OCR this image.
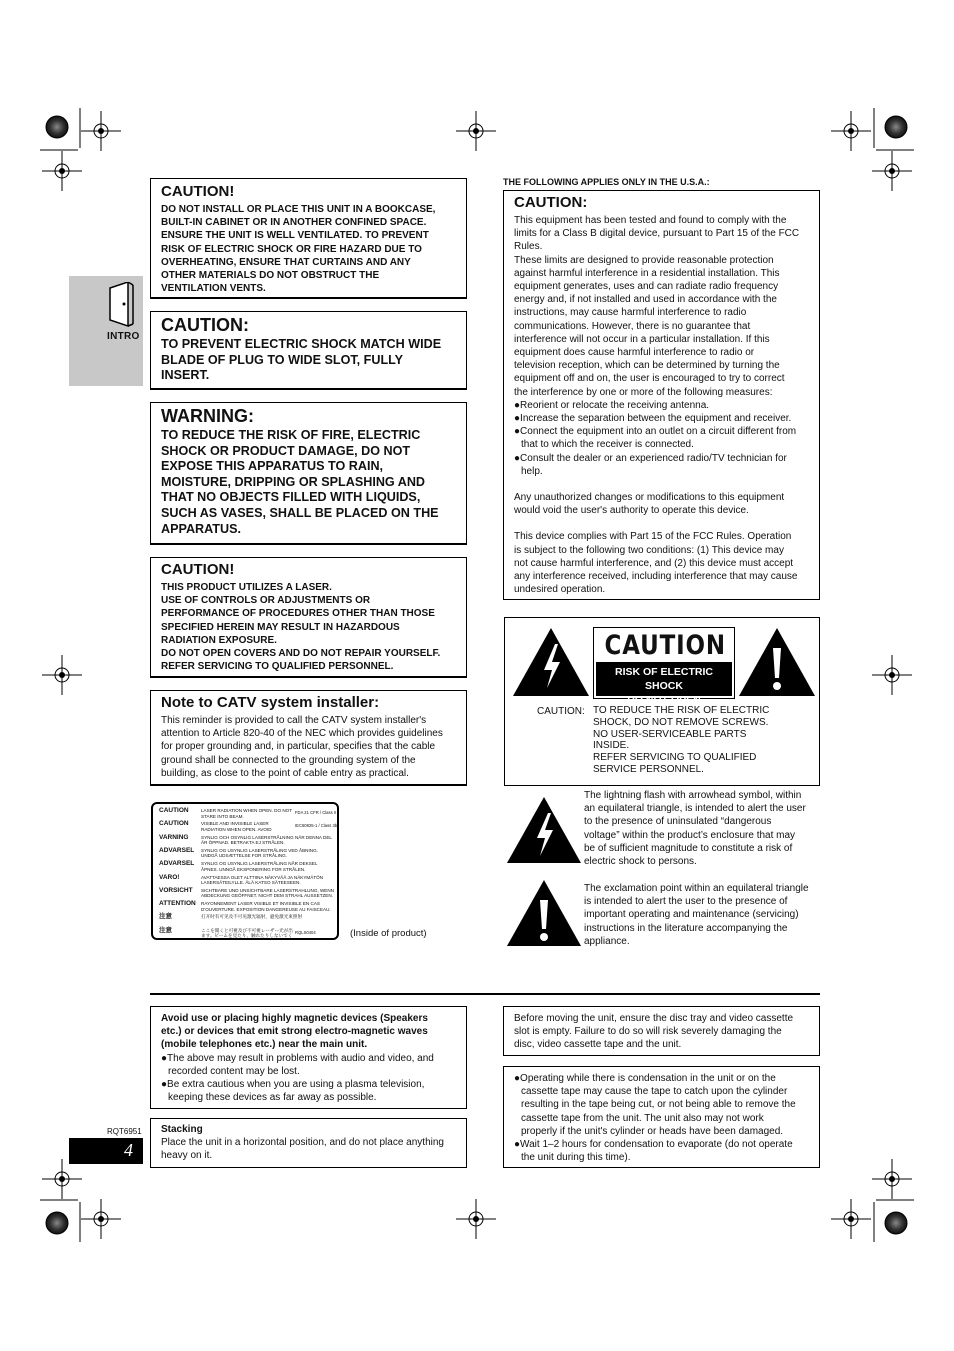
INTRO
CAUTION!
DO NOT INSTALL OR PLACE THIS UNIT IN A BOOKCASE,
BUILT-IN CABINET OR IN ANOTHER CONFINED SPACE.
ENSURE THE UNIT IS WELL VENTILATED. TO PREVENT
RISK OF ELECTRIC SHOCK OR FIRE HAZARD DUE TO
OVERHEATING, ENSURE THAT CURTAINS AND ANY
OTHER MATERIALS DO NOT OBSTRUCT THE
VENTILATION VENTS.
CAUTION:
TO PREVENT ELECTRIC SHOCK MATCH WIDE
BLADE OF PLUG TO WIDE SLOT, FULLY
INSERT.
WARNING:
TO REDUCE THE RISK OF FIRE, ELECTRIC
SHOCK OR PRODUCT DAMAGE, DO NOT
EXPOSE THIS APPARATUS TO RAIN,
MOISTURE, DRIPPING OR SPLASHING AND
THAT NO OBJECTS FILLED WITH LIQUIDS,
SUCH AS VASES, SHALL BE PLACED ON THE
APPARATUS.
CAUTION!
THIS PRODUCT UTILIZES A LASER.
USE OF CONTROLS OR ADJUSTMENTS OR
PERFORMANCE OF PROCEDURES OTHER THAN THOSE
SPECIFIED HEREIN MAY RESULT IN HAZARDOUS
RADIATION EXPOSURE.
DO NOT OPEN COVERS AND DO NOT REPAIR YOURSELF.
REFER SERVICING TO QUALIFIED PERSONNEL.
Note to CATV system installer:
This reminder is provided to call the CATV system installer's
attention to Article 820-40 of the NEC which provides guidelines
for proper grounding and, in particular, specifies that the cable
ground shall be connected to the grounding system of the
building, as close to the point of cable entry as practical.
CAUTION	LASER RADIATION WHEN OPEN. DO NOT STARE INTO BEAM.
FDA 21 CFR / Class II
CAUTION	VISIBLE AND INVISIBLE LASER RADIATION WHEN OPEN. AVOID
IEC60825-1 / Class 3b
VARNING	SYNLIG OCH OSYNLIG LASERSTRÅLNING NÄR DENNA DEL ÄR ÖPPNAD. BETRAKTA EJ STRÅLEN.
ADVARSEL	SYNLIG OG USYNLIG LASERSTRÅLING VED ÅBNING. UNDGÅ UDSÆTTELSE FOR STRÅLING.
ADVARSEL	SYNLIG OG USYNLIG LASERSTRÅLING NÅR DEKSEL ÅPNES. UNNGÅ EKSPONERING FOR STRÅLEN.
VARO!	AVATTAESSA OLET ALTTIINA NÄKYVÄÄ JA NÄKYMÄTÖN LASERSÄTEILYLLE. ÄLÄ KATSO SÄTEESEEN.
VORSICHT	SICHTBARE UND UNSICHTBARE LASERSTRAHLUNG, WENN ABDECKUNG GEÖFFNET. NICHT DEM STRAHL AUSSETZEN.
ATTENTION	RAYONNEMENT LASER VISIBLE ET INVISIBLE EN CAS D'OUVERTURE. EXPOSITION DANGEREUSE AU FAISCEAU.
注意	打开时有可见及不可见激光辐射，避免激光束照射
注意	ここを開くと可視及び不可視レーザー光が出ます。ビームを見たり、触れたりしないでく
RQLS0404	(Inside of product)
THE FOLLOWING APPLIES ONLY IN THE U.S.A.:
CAUTION:
This equipment has been tested and found to comply with the
limits for a Class B digital device, pursuant to Part 15 of the FCC
Rules.
These limits are designed to provide reasonable protection
against harmful interference in a residential installation. This
equipment generates, uses and can radiate radio frequency
energy and, if not installed and used in accordance with the
instructions, may cause harmful interference to radio
communications. However, there is no guarantee that
interference will not occur in a particular installation. If this
equipment does cause harmful interference to radio or
television reception, which can be determined by turning the
equipment off and on, the user is encouraged to try to correct
the interference by one or more of the following measures:
●Reorient or relocate the receiving antenna.
●Increase the separation between the equipment and receiver.
●Connect the equipment into an outlet on a circuit different from
that to which the receiver is connected.
●Consult the dealer or an experienced radio/TV technician for
help.
Any unauthorized changes or modifications to this equipment
would void the user's authority to operate this device.
This device complies with Part 15 of the FCC Rules. Operation
is subject to the following two conditions: (1) This device may
not cause harmful interference, and (2) this device must accept
any interference received, including interference that may cause
undesired operation.
CAUTION
RISK OF ELECTRIC SHOCK
DO NOT OPEN
CAUTION: TO REDUCE THE RISK OF ELECTRIC
SHOCK, DO NOT REMOVE SCREWS.
NO USER-SERVICEABLE PARTS
INSIDE.
REFER SERVICING TO QUALIFIED
SERVICE PERSONNEL.
The lightning flash with arrowhead symbol, within
an equilateral triangle, is intended to alert the user
to the presence of uninsulated “dangerous
voltage” within the product’s enclosure that may
be of sufficient magnitude to constitute a risk of
electric shock to persons.
The exclamation point within an equilateral triangle
is intended to alert the user to the presence of
important operating and maintenance (servicing)
instructions in the literature accompanying the
appliance.
Avoid use or placing highly magnetic devices (Speakers
etc.) or devices that emit strong electro-magnetic waves
(mobile telephones etc.) near the main unit.
●The above may result in problems with audio and video, and
recorded content may be lost.
●Be extra cautious when you are using a plasma television,
keeping these devices as far away as possible.
Stacking
Place the unit in a horizontal position, and do not place anything
heavy on it.
Before moving the unit, ensure the disc tray and video cassette
slot is empty. Failure to do so will risk severely damaging the
disc, video cassette tape and the unit.
●Operating while there is condensation in the unit or on the
cassette tape may cause the tape to catch upon the cylinder
resulting in the tape being cut, or not being able to remove the
cassette tape from the unit. The unit also may not work
properly if the unit's cylinder or heads have been damaged.
●Wait 1–2 hours for condensation to evaporate (do not operate
the unit during this time).
RQT6951
4
